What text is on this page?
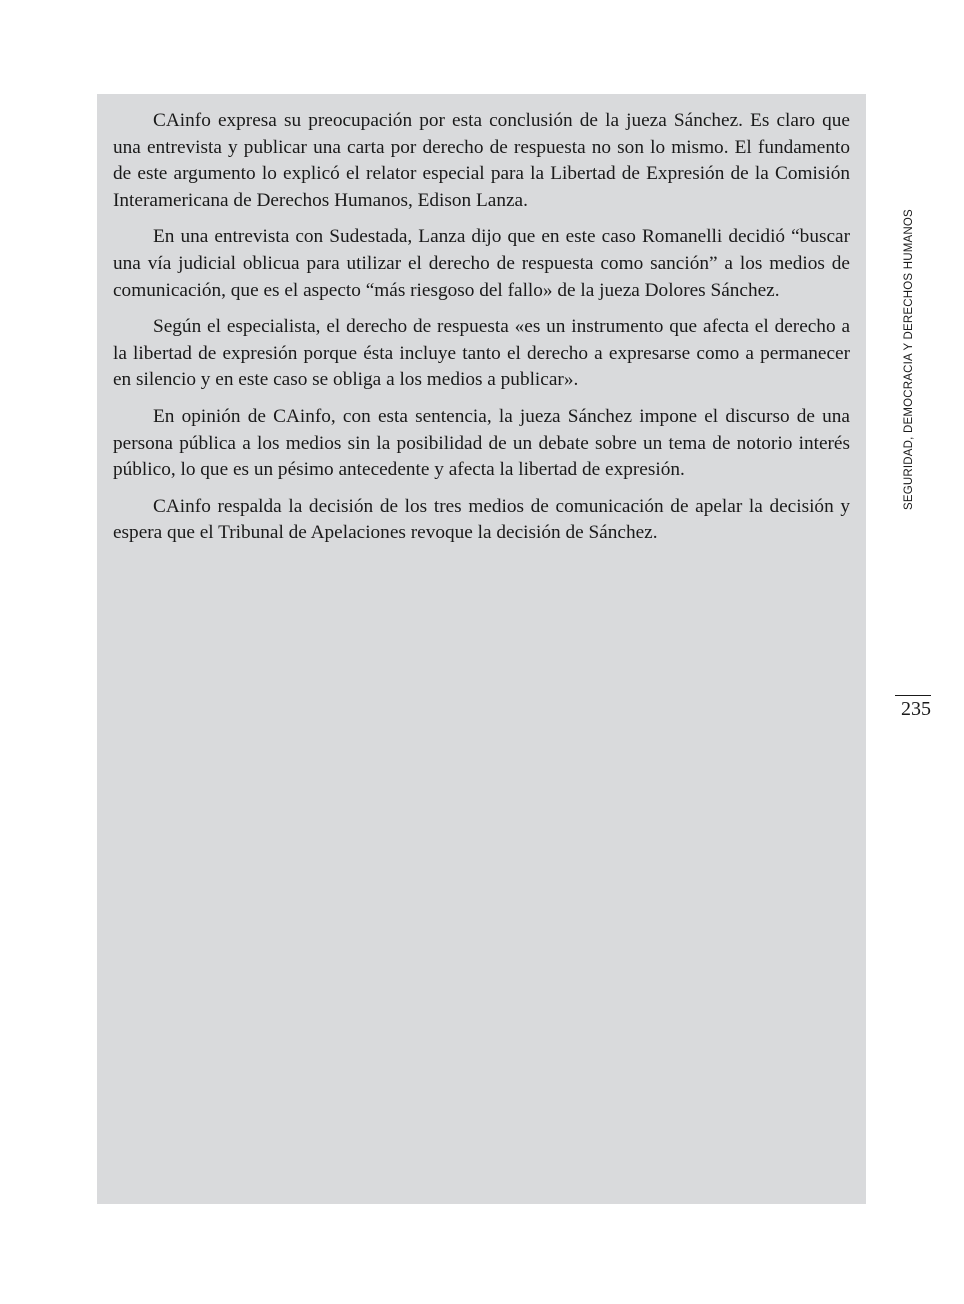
CAinfo expresa su preocupación por esta conclusión de la jueza Sánchez. Es claro que una entrevista y publicar una carta por derecho de respuesta no son lo mismo. El fundamento de este argumento lo explicó el relator especial para la Libertad de Expresión de la Comisión Interamericana de Derechos Humanos, Edison Lanza.

En una entrevista con Sudestada, Lanza dijo que en este caso Romanelli decidió “buscar una vía judicial oblicua para utilizar el derecho de respuesta como sanción” a los medios de comunicación, que es el aspecto “más riesgoso del fallo» de la jueza Dolores Sánchez.

Según el especialista, el derecho de respuesta «es un instrumento que afecta el derecho a la libertad de expresión porque ésta incluye tanto el derecho a expresarse como a permanecer en silencio y en este caso se obliga a los medios a publicar».

En opinión de CAinfo, con esta sentencia, la jueza Sánchez impone el discurso de una persona pública a los medios sin la posibilidad de un debate sobre un tema de notorio interés público, lo que es un pésimo antecedente y afecta la libertad de expresión.

CAinfo respalda la decisión de los tres medios de comunicación de apelar la decisión y espera que el Tribunal de Apelaciones revoque la decisión de Sánchez.

SEGURIDAD, DEMOCRACIA Y DERECHOS HUMANOS
235
